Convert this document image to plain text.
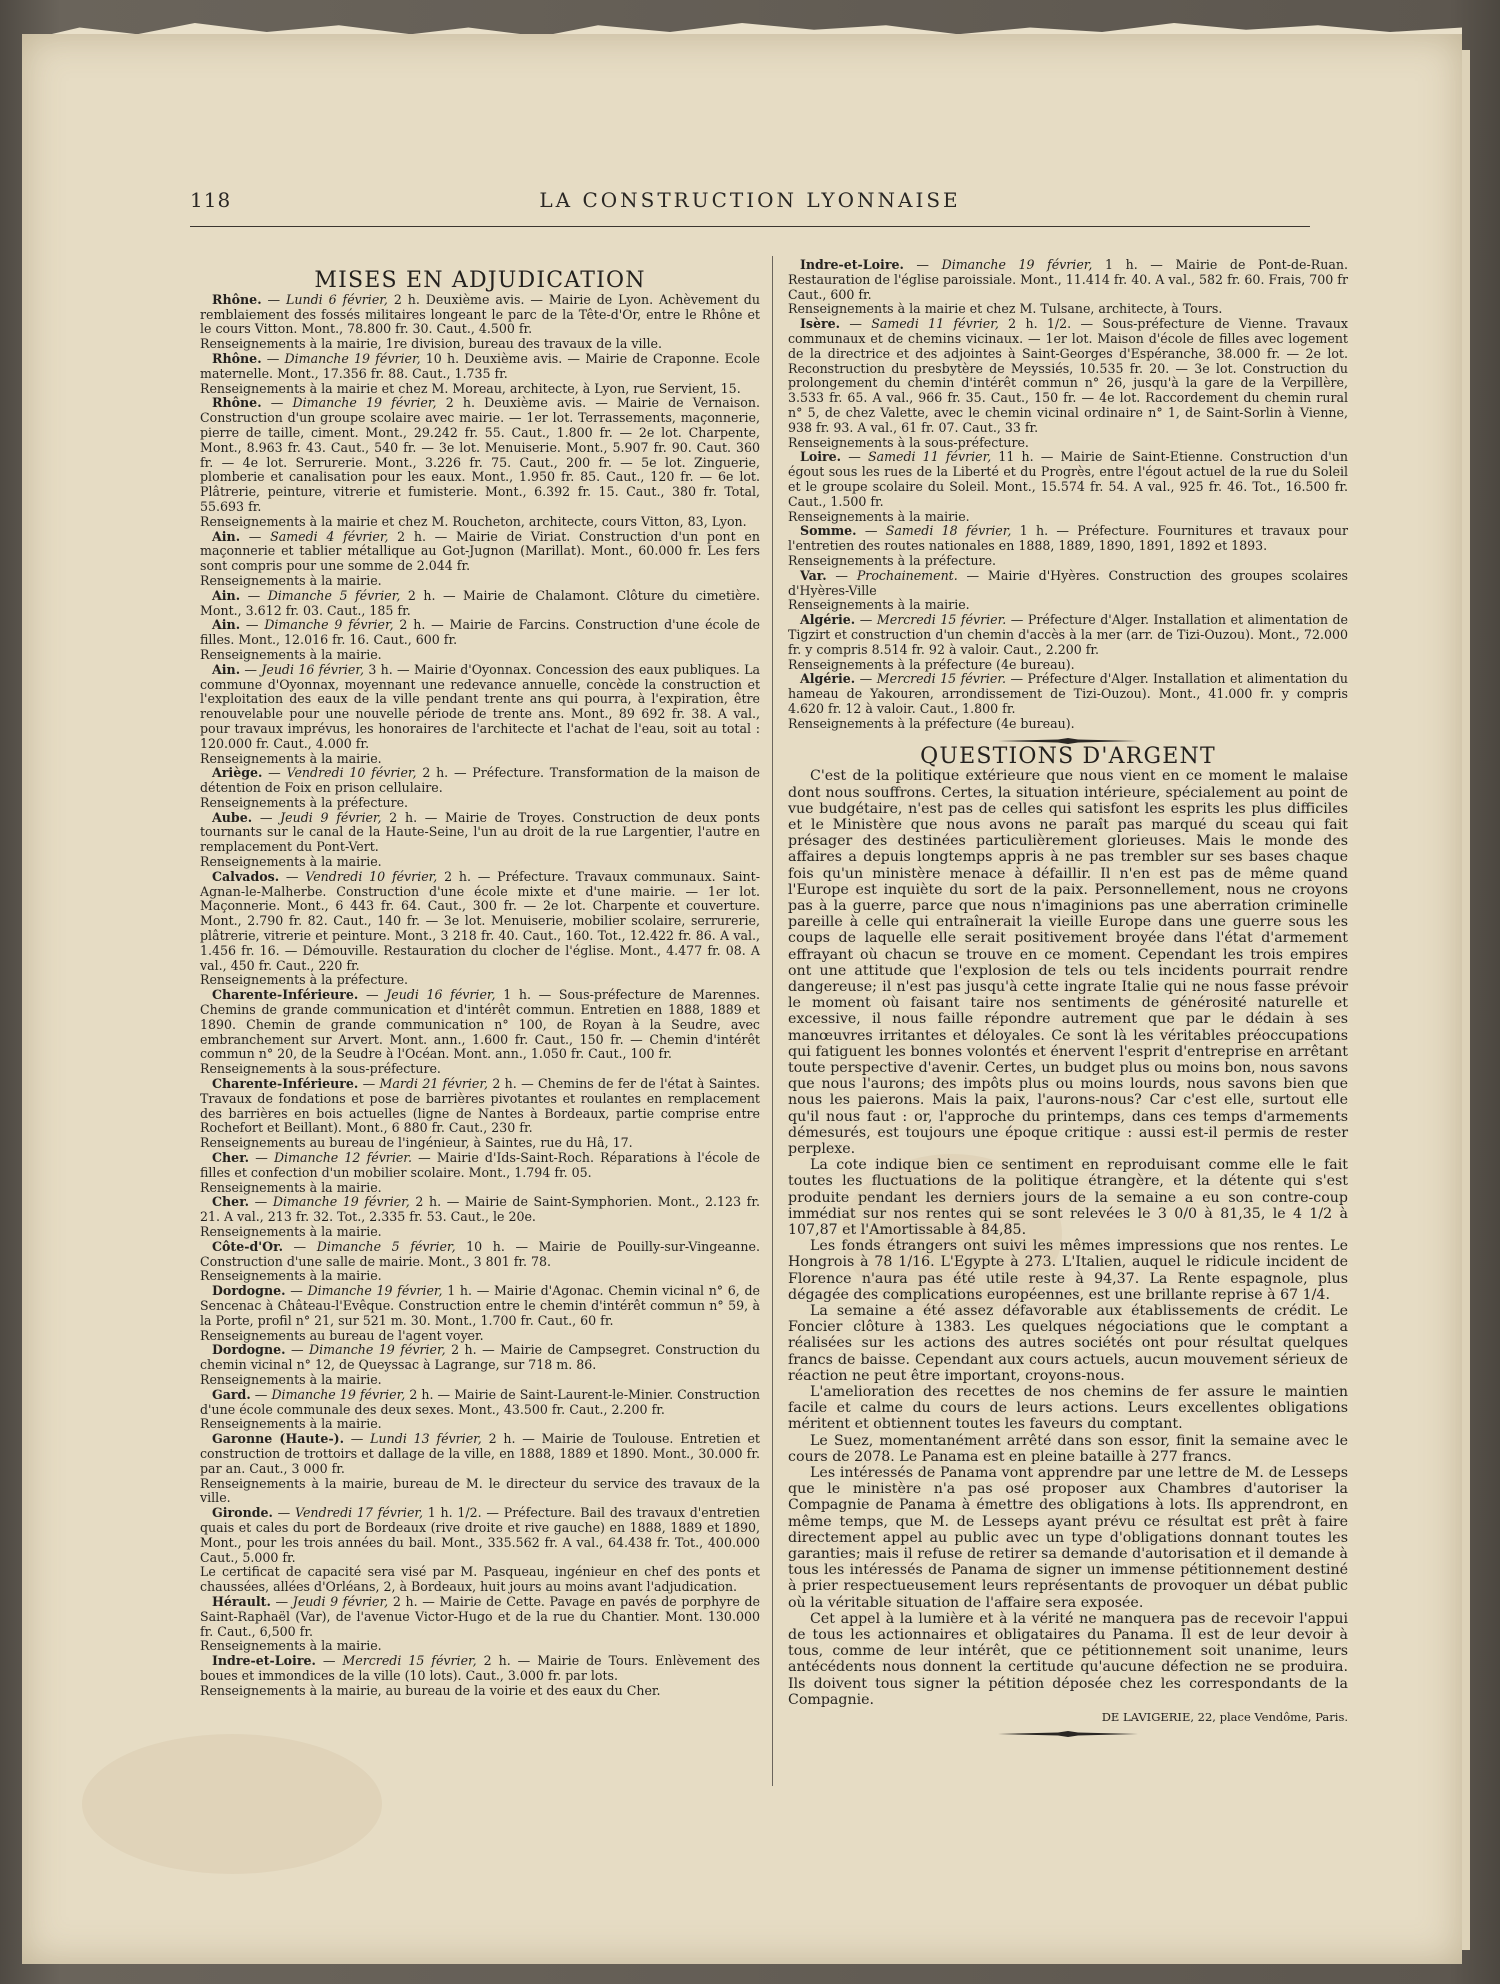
118	LA CONSTRUCTION LYONNAISE
MISES EN ADJUDICATION

Rhône. — Lundi 6 février, 2 h. Deuxième avis. — Mairie de Lyon. Achèvement du remblaiement des fossés militaires longeant le parc de la Tête-d'Or, entre le Rhône et le cours Vitton. Mont., 78.800 fr. 30. Caut., 4.500 fr.

Renseignements à la mairie, 1re division, bureau des travaux de la ville.

Rhône. — Dimanche 19 février, 10 h. Deuxième avis. — Mairie de Craponne. Ecole maternelle. Mont., 17.356 fr. 88. Caut., 1.735 fr.

Renseignements à la mairie et chez M. Moreau, architecte, à Lyon, rue Servient, 15.

Rhône. — Dimanche 19 février, 2 h. Deuxième avis. — Mairie de Vernaison. Construction d'un groupe scolaire avec mairie. — 1er lot. Terrassements, maçonnerie, pierre de taille, ciment. Mont., 29.242 fr. 55. Caut., 1.800 fr. — 2e lot. Charpente, Mont., 8.963 fr. 43. Caut., 540 fr. — 3e lot. Menuiserie. Mont., 5.907 fr. 90. Caut. 360 fr. — 4e lot. Serrurerie. Mont., 3.226 fr. 75. Caut., 200 fr. — 5e lot. Zinguerie, plomberie et canalisation pour les eaux. Mont., 1.950 fr. 85. Caut., 120 fr. — 6e lot. Plâtrerie, peinture, vitrerie et fumisterie. Mont., 6.392 fr. 15. Caut., 380 fr. Total, 55.693 fr.

Renseignements à la mairie et chez M. Roucheton, architecte, cours Vitton, 83, Lyon.

Ain. — Samedi 4 février, 2 h. — Mairie de Viriat. Construction d'un pont en maçonnerie et tablier métallique au Got-Jugnon (Marillat). Mont., 60.000 fr. Les fers sont compris pour une somme de 2.044 fr.

Renseignements à la mairie.

Ain. — Dimanche 5 février, 2 h. — Mairie de Chalamont. Clôture du cimetière. Mont., 3.612 fr. 03. Caut., 185 fr.

Ain. — Dimanche 9 février, 2 h. — Mairie de Farcins. Construction d'une école de filles. Mont., 12.016 fr. 16. Caut., 600 fr.

Renseignements à la mairie.

Ain. — Jeudi 16 février, 3 h. — Mairie d'Oyonnax. Concession des eaux publiques. La commune d'Oyonnax, moyennant une redevance annuelle, concède la construction et l'exploitation des eaux de la ville pendant trente ans qui pourra, à l'expiration, être renouvelable pour une nouvelle période de trente ans. Mont., 89 692 fr. 38. A val., pour travaux imprévus, les honoraires de l'architecte et l'achat de l'eau, soit au total : 120.000 fr. Caut., 4.000 fr.

Renseignements à la mairie.

Ariège. — Vendredi 10 février, 2 h. — Préfecture. Transformation de la maison de détention de Foix en prison cellulaire.

Renseignements à la préfecture.

Aube. — Jeudi 9 février, 2 h. — Mairie de Troyes. Construction de deux ponts tournants sur le canal de la Haute-Seine, l'un au droit de la rue Largentier, l'autre en remplacement du Pont-Vert.

Renseignements à la mairie.

Calvados. — Vendredi 10 février, 2 h. — Préfecture. Travaux communaux. Saint-Agnan-le-Malherbe. Construction d'une école mixte et d'une mairie. — 1er lot. Maçonnerie. Mont., 6 443 fr. 64. Caut., 300 fr. — 2e lot. Charpente et couverture. Mont., 2.790 fr. 82. Caut., 140 fr. — 3e lot. Menuiserie, mobilier scolaire, serrurerie, plâtrerie, vitrerie et peinture. Mont., 3 218 fr. 40. Caut., 160. Tot., 12.422 fr. 86. A val., 1.456 fr. 16. — Démouville. Restauration du clocher de l'église. Mont., 4.477 fr. 08. A val., 450 fr. Caut., 220 fr.

Renseignements à la préfecture.

Charente-Inférieure. — Jeudi 16 février, 1 h. — Sous-préfecture de Marennes. Chemins de grande communication et d'intérêt commun. Entretien en 1888, 1889 et 1890. Chemin de grande communication n° 100, de Royan à la Seudre, avec embranchement sur Arvert. Mont. ann., 1.600 fr. Caut., 150 fr. — Chemin d'intérêt commun n° 20, de la Seudre à l'Océan. Mont. ann., 1.050 fr. Caut., 100 fr.

Renseignements à la sous-préfecture.

Charente-Inférieure. — Mardi 21 février, 2 h. — Chemins de fer de l'état à Saintes. Travaux de fondations et pose de barrières pivotantes et roulantes en remplacement des barrières en bois actuelles (ligne de Nantes à Bordeaux, partie comprise entre Rochefort et Beillant). Mont., 6 880 fr. Caut., 230 fr.

Renseignements au bureau de l'ingénieur, à Saintes, rue du Hâ, 17.

Cher. — Dimanche 12 février. — Mairie d'Ids-Saint-Roch. Réparations à l'école de filles et confection d'un mobilier scolaire. Mont., 1.794 fr. 05.

Renseignements à la mairie.

Cher. — Dimanche 19 février, 2 h. — Mairie de Saint-Symphorien. Mont., 2.123 fr. 21. A val., 213 fr. 32. Tot., 2.335 fr. 53. Caut., le 20e.

Renseignements à la mairie.

Côte-d'Or. — Dimanche 5 février, 10 h. — Mairie de Pouilly-sur-Vingeanne. Construction d'une salle de mairie. Mont., 3 801 fr. 78.

Renseignements à la mairie.

Dordogne. — Dimanche 19 février, 1 h. — Mairie d'Agonac. Chemin vicinal n° 6, de Sencenac à Château-l'Evêque. Construction entre le chemin d'intérêt commun n° 59, à la Porte, profil n° 21, sur 521 m. 30. Mont., 1.700 fr. Caut., 60 fr.

Renseignements au bureau de l'agent voyer.

Dordogne. — Dimanche 19 février, 2 h. — Mairie de Campsegret. Construction du chemin vicinal n° 12, de Queyssac à Lagrange, sur 718 m. 86.

Renseignements à la mairie.

Gard. — Dimanche 19 février, 2 h. — Mairie de Saint-Laurent-le-Minier. Construction d'une école communale des deux sexes. Mont., 43.500 fr. Caut., 2.200 fr.

Renseignements à la mairie.

Garonne (Haute-). — Lundi 13 février, 2 h. — Mairie de Toulouse. Entretien et construction de trottoirs et dallage de la ville, en 1888, 1889 et 1890. Mont., 30.000 fr. par an. Caut., 3 000 fr.

Renseignements à la mairie, bureau de M. le directeur du service des travaux de la ville.

Gironde. — Vendredi 17 février, 1 h. 1/2. — Préfecture. Bail des travaux d'entretien quais et cales du port de Bordeaux (rive droite et rive gauche) en 1888, 1889 et 1890, Mont., pour les trois années du bail. Mont., 335.562 fr. A val., 64.438 fr. Tot., 400.000 Caut., 5.000 fr.

Le certificat de capacité sera visé par M. Pasqueau, ingénieur en chef des ponts et chaussées, allées d'Orléans, 2, à Bordeaux, huit jours au moins avant l'adjudication.

Hérault. — Jeudi 9 février, 2 h. — Mairie de Cette. Pavage en pavés de porphyre de Saint-Raphaël (Var), de l'avenue Victor-Hugo et de la rue du Chantier. Mont. 130.000 fr. Caut., 6,500 fr.

Renseignements à la mairie.

Indre-et-Loire. — Mercredi 15 février, 2 h. — Mairie de Tours. Enlèvement des boues et immondices de la ville (10 lots). Caut., 3.000 fr. par lots.

Renseignements à la mairie, au bureau de la voirie et des eaux du Cher.

Indre-et-Loire. — Dimanche 19 février, 1 h. — Mairie de Pont-de-Ruan. Restauration de l'église paroissiale. Mont., 11.414 fr. 40. A val., 582 fr. 60. Frais, 700 fr Caut., 600 fr.

Renseignements à la mairie et chez M. Tulsane, architecte, à Tours.

Isère. — Samedi 11 février, 2 h. 1/2. — Sous-préfecture de Vienne. Travaux communaux et de chemins vicinaux. — 1er lot. Maison d'école de filles avec logement de la directrice et des adjointes à Saint-Georges d'Espéranche, 38.000 fr. — 2e lot. Reconstruction du presbytère de Meyssiés, 10.535 fr. 20. — 3e lot. Construction du prolongement du chemin d'intérêt commun n° 26, jusqu'à la gare de la Verpillère, 3.533 fr. 65. A val., 966 fr. 35. Caut., 150 fr. — 4e lot. Raccordement du chemin rural n° 5, de chez Valette, avec le chemin vicinal ordinaire n° 1, de Saint-Sorlin à Vienne, 938 fr. 93. A val., 61 fr. 07. Caut., 33 fr.

Renseignements à la sous-préfecture.

Loire. — Samedi 11 février, 11 h. — Mairie de Saint-Etienne. Construction d'un égout sous les rues de la Liberté et du Progrès, entre l'égout actuel de la rue du Soleil et le groupe scolaire du Soleil. Mont., 15.574 fr. 54. A val., 925 fr. 46. Tot., 16.500 fr. Caut., 1.500 fr.

Renseignements à la mairie.

Somme. — Samedi 18 février, 1 h. — Préfecture. Fournitures et travaux pour l'entretien des routes nationales en 1888, 1889, 1890, 1891, 1892 et 1893.

Renseignements à la préfecture.

Var. — Prochainement. — Mairie d'Hyères. Construction des groupes scolaires d'Hyères-Ville

Renseignements à la mairie.

Algérie. — Mercredi 15 février. — Préfecture d'Alger. Installation et alimentation de Tigzirt et construction d'un chemin d'accès à la mer (arr. de Tizi-Ouzou). Mont., 72.000 fr. y compris 8.514 fr. 92 à valoir. Caut., 2.200 fr.

Renseignements à la préfecture (4e bureau).

Algérie. — Mercredi 15 février. — Préfecture d'Alger. Installation et alimentation du hameau de Yakouren, arrondissement de Tizi-Ouzou). Mont., 41.000 fr. y compris 4.620 fr. 12 à valoir. Caut., 1.800 fr.

Renseignements à la préfecture (4e bureau).

QUESTIONS D'ARGENT

C'est de la politique extérieure que nous vient en ce moment le malaise dont nous souffrons. Certes, la situation intérieure, spécialement au point de vue budgétaire, n'est pas de celles qui satisfont les esprits les plus difficiles et le Ministère que nous avons ne paraît pas marqué du sceau qui fait présager des destinées particulièrement glorieuses. Mais le monde des affaires a depuis longtemps appris à ne pas trembler sur ses bases chaque fois qu'un ministère menace à défaillir. Il n'en est pas de même quand l'Europe est inquiète du sort de la paix. Personnellement, nous ne croyons pas à la guerre, parce que nous n'imaginions pas une aberration criminelle pareille à celle qui entraînerait la vieille Europe dans une guerre sous les coups de laquelle elle serait positivement broyée dans l'état d'armement effrayant où chacun se trouve en ce moment. Cependant les trois empires ont une attitude que l'explosion de tels ou tels incidents pourrait rendre dangereuse; il n'est pas jusqu'à cette ingrate Italie qui ne nous fasse prévoir le moment où faisant taire nos sentiments de générosité naturelle et excessive, il nous faille répondre autrement que par le dédain à ses manœuvres irritantes et déloyales. Ce sont là les véritables préoccupations qui fatiguent les bonnes volontés et énervent l'esprit d'entreprise en arrêtant toute perspective d'avenir. Certes, un budget plus ou moins bon, nous savons que nous l'aurons; des impôts plus ou moins lourds, nous savons bien que nous les paierons. Mais la paix, l'aurons-nous? Car c'est elle, surtout elle qu'il nous faut : or, l'approche du printemps, dans ces temps d'armements démesurés, est toujours une époque critique : aussi est-il permis de rester perplexe.

La cote indique bien ce sentiment en reproduisant comme elle le fait toutes les fluctuations de la politique étrangère, et la détente qui s'est produite pendant les derniers jours de la semaine a eu son contre-coup immédiat sur nos rentes qui se sont relevées le 3 0/0 à 81,35, le 4 1/2 à 107,87 et l'Amortissable à 84,85.

Les fonds étrangers ont suivi les mêmes impressions que nos rentes. Le Hongrois à 78 1/16. L'Egypte à 273. L'Italien, auquel le ridicule incident de Florence n'aura pas été utile reste à 94,37. La Rente espagnole, plus dégagée des complications européennes, est une brillante reprise à 67 1/4.

La semaine a été assez défavorable aux établissements de crédit. Le Foncier clôture à 1383. Les quelques négociations que le comptant a réalisées sur les actions des autres sociétés ont pour résultat quelques francs de baisse. Cependant aux cours actuels, aucun mouvement sérieux de réaction ne peut être important, croyons-nous.

L'amelioration des recettes de nos chemins de fer assure le maintien facile et calme du cours de leurs actions. Leurs excellentes obligations méritent et obtiennent toutes les faveurs du comptant.

Le Suez, momentanément arrêté dans son essor, finit la semaine avec le cours de 2078. Le Panama est en pleine bataille à 277 francs.

Les intéressés de Panama vont apprendre par une lettre de M. de Lesseps que le ministère n'a pas osé proposer aux Chambres d'autoriser la Compagnie de Panama à émettre des obligations à lots. Ils apprendront, en même temps, que M. de Lesseps ayant prévu ce résultat est prêt à faire directement appel au public avec un type d'obligations donnant toutes les garanties; mais il refuse de retirer sa demande d'autorisation et il demande à tous les intéressés de Panama de signer un immense pétitionnement destiné à prier respectueusement leurs représentants de provoquer un débat public où la véritable situation de l'affaire sera exposée.

Cet appel à la lumière et à la vérité ne manquera pas de recevoir l'appui de tous les actionnaires et obligataires du Panama. Il est de leur devoir à tous, comme de leur intérêt, que ce pétitionnement soit unanime, leurs antécédents nous donnent la certitude qu'aucune défection ne se produira. Ils doivent tous signer la pétition déposée chez les correspondants de la Compagnie.

DE LAVIGERIE, 22, place Vendôme, Paris.
